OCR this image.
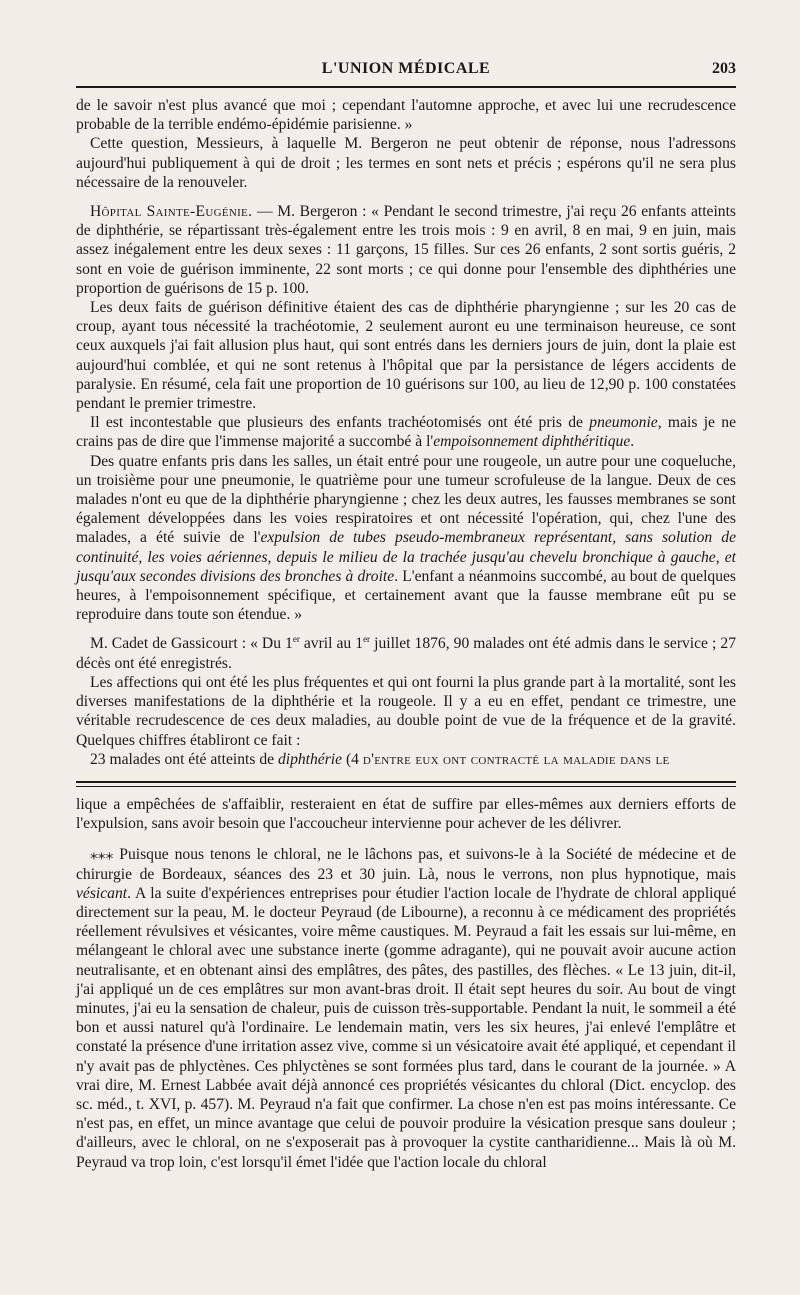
L'UNION MÉDICALE	203

de le savoir n'est plus avancé que moi ; cependant l'automne approche, et avec lui une recrudescence probable de la terrible endémo-épidémie parisienne. »

Cette question, Messieurs, à laquelle M. Bergeron ne peut obtenir de réponse, nous l'adressons aujourd'hui publiquement à qui de droit ; les termes en sont nets et précis ; espérons qu'il ne sera plus nécessaire de la renouveler.

Hôpital Sainte-Eugénie. — M. Bergeron : « Pendant le second trimestre, j'ai reçu 26 enfants atteints de diphthérie, se répartissant très-également entre les trois mois : 9 en avril, 8 en mai, 9 en juin, mais assez inégalement entre les deux sexes : 11 garçons, 15 filles. Sur ces 26 enfants, 2 sont sortis guéris, 2 sont en voie de guérison imminente, 22 sont morts ; ce qui donne pour l'ensemble des diphthéries une proportion de guérisons de 15 p. 100.

Les deux faits de guérison définitive étaient des cas de diphthérie pharyngienne ; sur les 20 cas de croup, ayant tous nécessité la trachéotomie, 2 seulement auront eu une terminaison heureuse, ce sont ceux auxquels j'ai fait allusion plus haut, qui sont entrés dans les derniers jours de juin, dont la plaie est aujourd'hui comblée, et qui ne sont retenus à l'hôpital que par la persistance de légers accidents de paralysie. En résumé, cela fait une proportion de 10 guérisons sur 100, au lieu de 12,90 p. 100 constatées pendant le premier trimestre.

Il est incontestable que plusieurs des enfants trachéotomisés ont été pris de pneumonie, mais je ne crains pas de dire que l'immense majorité a succombé à l'empoisonnement diphthéritique.

Des quatre enfants pris dans les salles, un était entré pour une rougeole, un autre pour une coqueluche, un troisième pour une pneumonie, le quatrième pour une tumeur scrofuleuse de la langue. Deux de ces malades n'ont eu que de la diphthérie pharyngienne ; chez les deux autres, les fausses membranes se sont également développées dans les voies respiratoires et ont nécessité l'opération, qui, chez l'une des malades, a été suivie de l'expulsion de tubes pseudo-membraneux représentant, sans solution de continuité, les voies aériennes, depuis le milieu de la trachée jusqu'au chevelu bronchique à gauche, et jusqu'aux secondes divisions des bronches à droite. L'enfant a néanmoins succombé, au bout de quelques heures, à l'empoisonnement spécifique, et certainement avant que la fausse membrane eût pu se reproduire dans toute son étendue. »

M. Cadet de Gassicourt : « Du 1er avril au 1er juillet 1876, 90 malades ont été admis dans le service ; 27 décès ont été enregistrés.

Les affections qui ont été les plus fréquentes et qui ont fourni la plus grande part à la mortalité, sont les diverses manifestations de la diphthérie et la rougeole. Il y a eu en effet, pendant ce trimestre, une véritable recrudescence de ces deux maladies, au double point de vue de la fréquence et de la gravité. Quelques chiffres établiront ce fait :

23 malades ont été atteints de diphthérie (4 d'entre eux ont contracté la maladie dans le

lique a empêchées de s'affaiblir, resteraient en état de suffire par elles-mêmes aux derniers efforts de l'expulsion, sans avoir besoin que l'accoucheur intervienne pour achever de les délivrer.

⁎⁎⁎ Puisque nous tenons le chloral, ne le lâchons pas, et suivons-le à la Société de médecine et de chirurgie de Bordeaux, séances des 23 et 30 juin. Là, nous le verrons, non plus hypnotique, mais vésicant. A la suite d'expériences entreprises pour étudier l'action locale de l'hydrate de chloral appliqué directement sur la peau, M. le docteur Peyraud (de Libourne), a reconnu à ce médicament des propriétés réellement révulsives et vésicantes, voire même caustiques. M. Peyraud a fait les essais sur lui-même, en mélangeant le chloral avec une substance inerte (gomme adragante), qui ne pouvait avoir aucune action neutralisante, et en obtenant ainsi des emplâtres, des pâtes, des pastilles, des flèches. « Le 13 juin, dit-il, j'ai appliqué un de ces emplâtres sur mon avant-bras droit. Il était sept heures du soir. Au bout de vingt minutes, j'ai eu la sensation de chaleur, puis de cuisson très-supportable. Pendant la nuit, le sommeil a été bon et aussi naturel qu'à l'ordinaire. Le lendemain matin, vers les six heures, j'ai enlevé l'emplâtre et constaté la présence d'une irritation assez vive, comme si un vésicatoire avait été appliqué, et cependant il n'y avait pas de phlyctènes. Ces phlyctènes se sont formées plus tard, dans le courant de la journée. » A vrai dire, M. Ernest Labbée avait déjà annoncé ces propriétés vésicantes du chloral (Dict. encyclop. des sc. méd., t. XVI, p. 457). M. Peyraud n'a fait que confirmer. La chose n'en est pas moins intéressante. Ce n'est pas, en effet, un mince avantage que celui de pouvoir produire la vésication presque sans douleur ; d'ailleurs, avec le chloral, on ne s'exposerait pas à provoquer la cystite cantharidienne... Mais là où M. Peyraud va trop loin, c'est lorsqu'il émet l'idée que l'action locale du chloral
